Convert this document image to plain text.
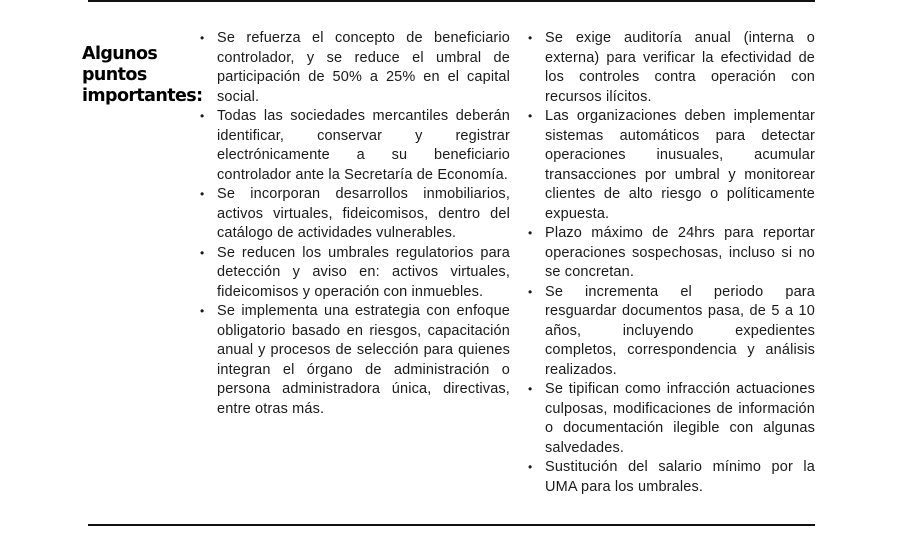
Algunos
puntos
importantes:
• Se refuerza el concepto de beneficiario controlador, y se reduce el umbral de participación de 50% a 25% en el capital social.
• Todas las sociedades mercantiles deberán identificar, conservar y registrar electrónicamente a su beneficiario controlador ante la Secretaría de Economía.
• Se incorporan desarrollos inmobiliarios, activos virtuales, fideicomisos, dentro del catálogo de actividades vulnerables.
• Se reducen los umbrales regulatorios para detección y aviso en: activos virtuales, fideicomisos y operación con inmuebles.
• Se implementa una estrategia con enfoque obligatorio basado en riesgos, capacitación anual y procesos de selección para quienes integran el órgano de administración o persona administradora única, directivas, entre otras más.
• Se exige auditoría anual (interna o externa) para verificar la efectividad de los controles contra operación con recursos ilícitos.
• Las organizaciones deben implementar sistemas automáticos para detectar operaciones inusuales, acumular transacciones por umbral y monitorear clientes de alto riesgo o políticamente expuesta.
• Plazo máximo de 24hrs para reportar operaciones sospechosas, incluso si no se concretan.
• Se incrementa el periodo para resguardar documentos pasa, de 5 a 10 años, incluyendo expedientes completos, correspondencia y análisis realizados.
• Se tipifican como infracción actuaciones culposas, modificaciones de información o documentación ilegible con algunas salvedades.
• Sustitución del salario mínimo por la UMA para los umbrales.
